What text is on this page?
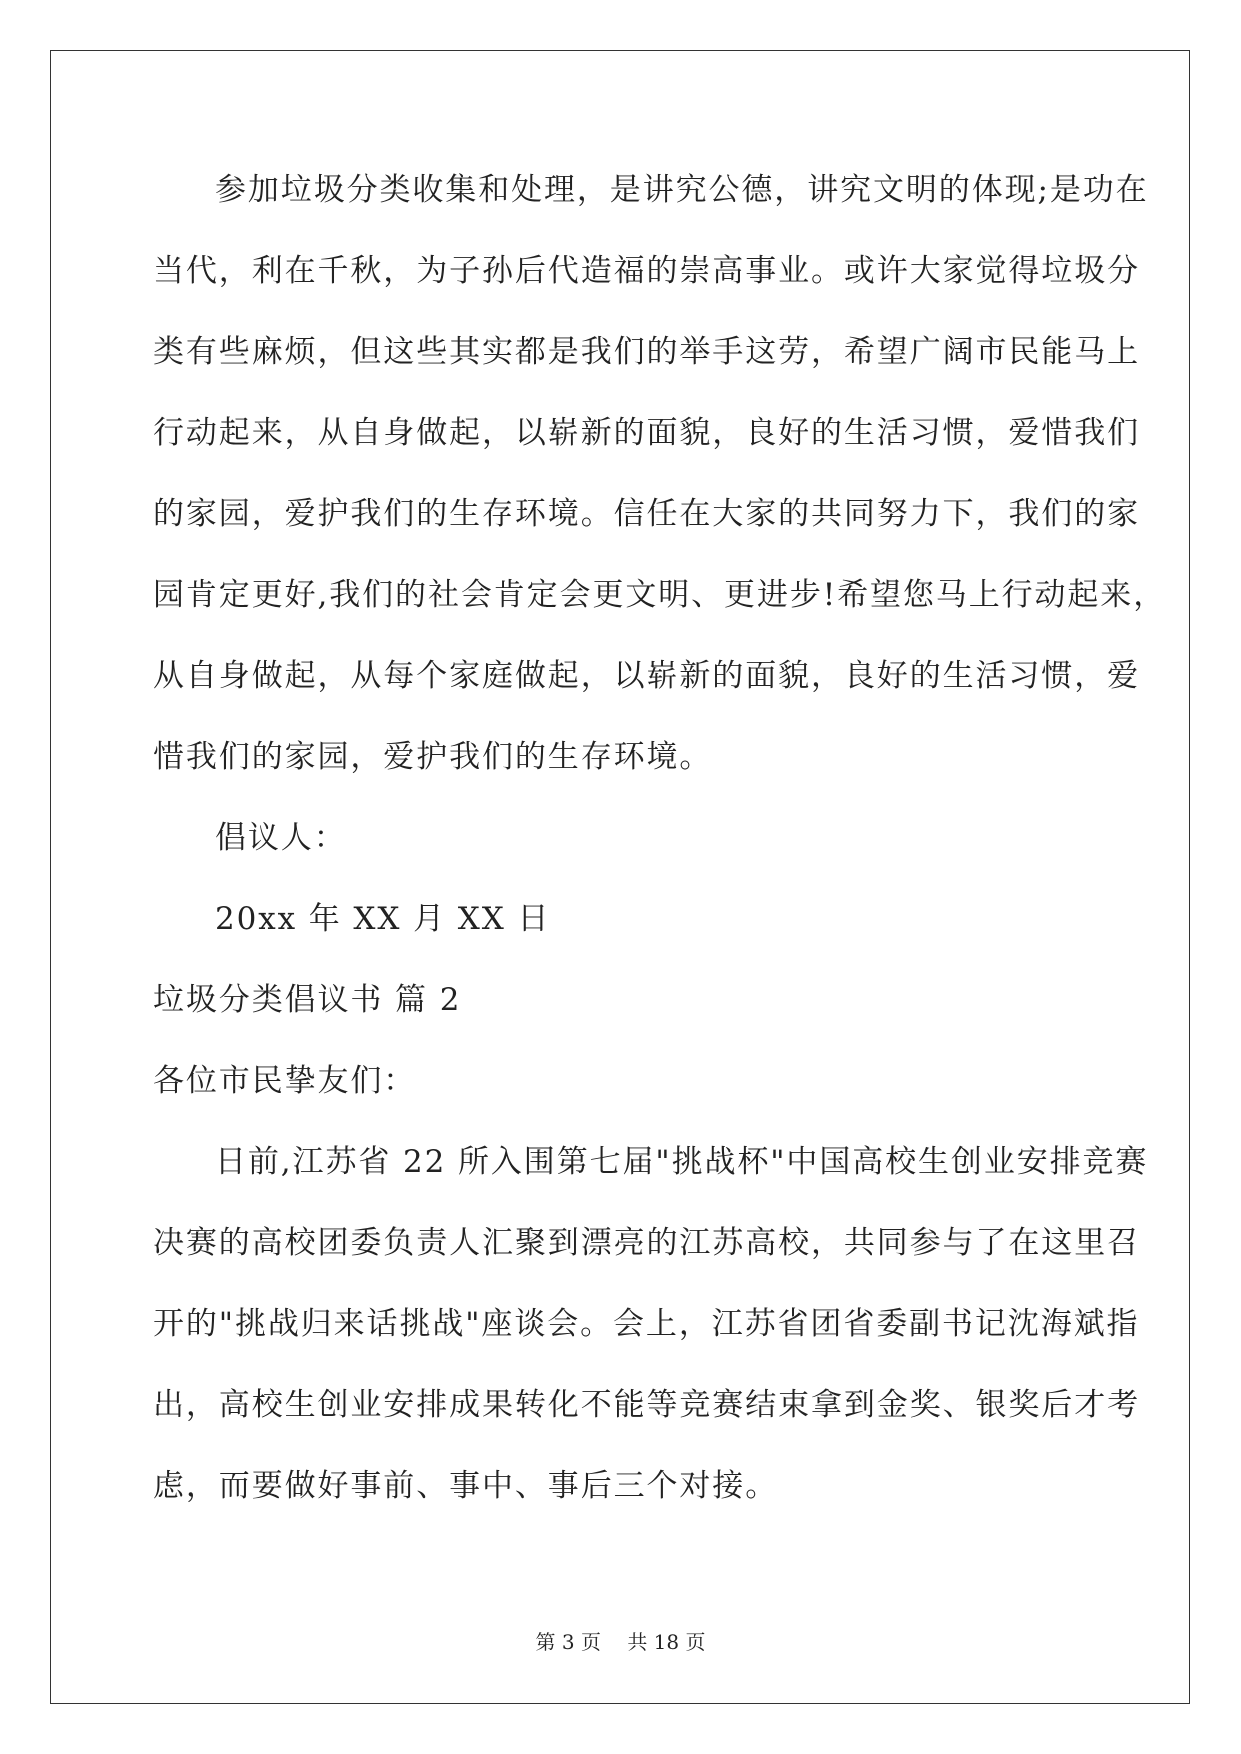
参加垃圾分类收集和处理，是讲究公德，讲究文明的体现;是功在
当代，利在千秋，为子孙后代造福的崇高事业。或许大家觉得垃圾分
类有些麻烦，但这些其实都是我们的举手这劳，希望广阔市民能马上
行动起来，从自身做起，以崭新的面貌，良好的生活习惯，爱惜我们
的家园，爱护我们的生存环境。信任在大家的共同努力下，我们的家
园肯定更好,我们的社会肯定会更文明、更进步!希望您马上行动起来，
从自身做起，从每个家庭做起，以崭新的面貌，良好的生活习惯，爱
惜我们的家园，爱护我们的生存环境。
倡议人：
20xx 年 XX 月 XX 日
垃圾分类倡议书 篇 2
各位市民挚友们：
日前,江苏省 22 所入围第七届"挑战杯"中国高校生创业安排竞赛
决赛的高校团委负责人汇聚到漂亮的江苏高校，共同参与了在这里召
开的"挑战归来话挑战"座谈会。会上，江苏省团省委副书记沈海斌指
出，高校生创业安排成果转化不能等竞赛结束拿到金奖、银奖后才考
虑，而要做好事前、事中、事后三个对接。
第 3 页 共 18 页
